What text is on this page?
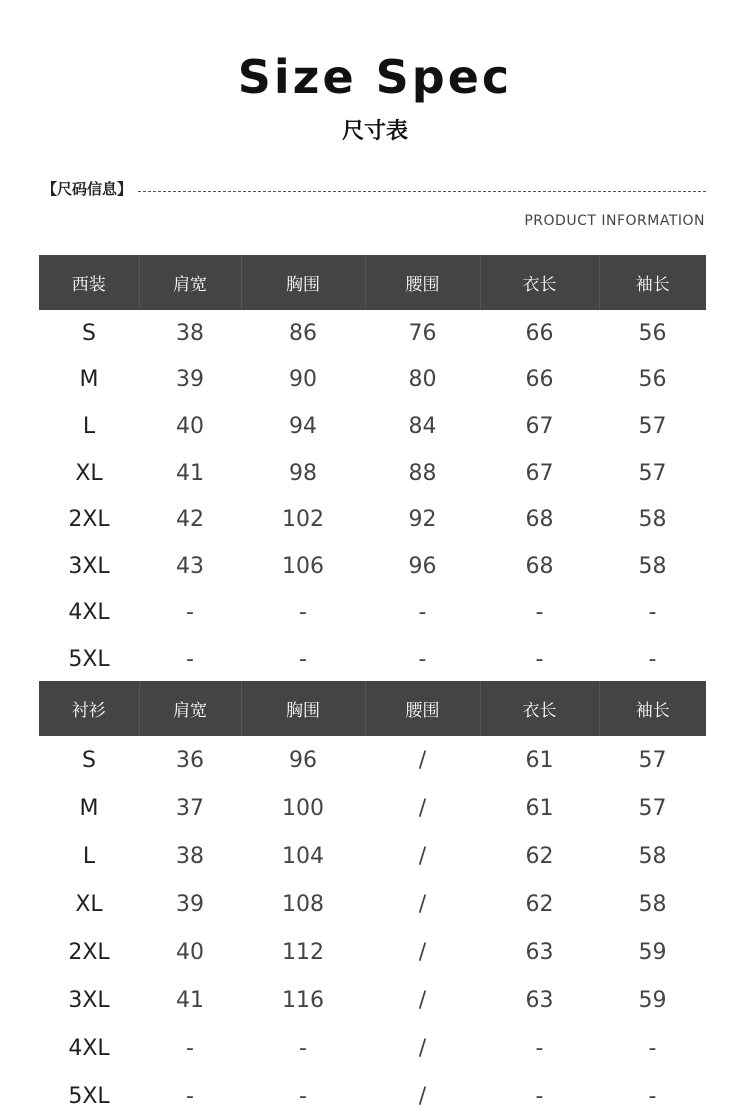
Size Spec
尺寸表
【尺码信息】
PRODUCT INFORMATION
西装	肩宽	胸围	腰围	衣长	袖长
S	38	86	76	66	56
M	39	90	80	66	56
L	40	94	84	67	57
XL	41	98	88	67	57
2XL	42	102	92	68	58
3XL	43	106	96	68	58
4XL	-	-	-	-	-
5XL	-	-	-	-	-
衬衫	肩宽	胸围	腰围	衣长	袖长
S	36	96	/	61	57
M	37	100	/	61	57
L	38	104	/	62	58
XL	39	108	/	62	58
2XL	40	112	/	63	59
3XL	41	116	/	63	59
4XL	-	-	/	-	-
5XL	-	-	/	-	-
